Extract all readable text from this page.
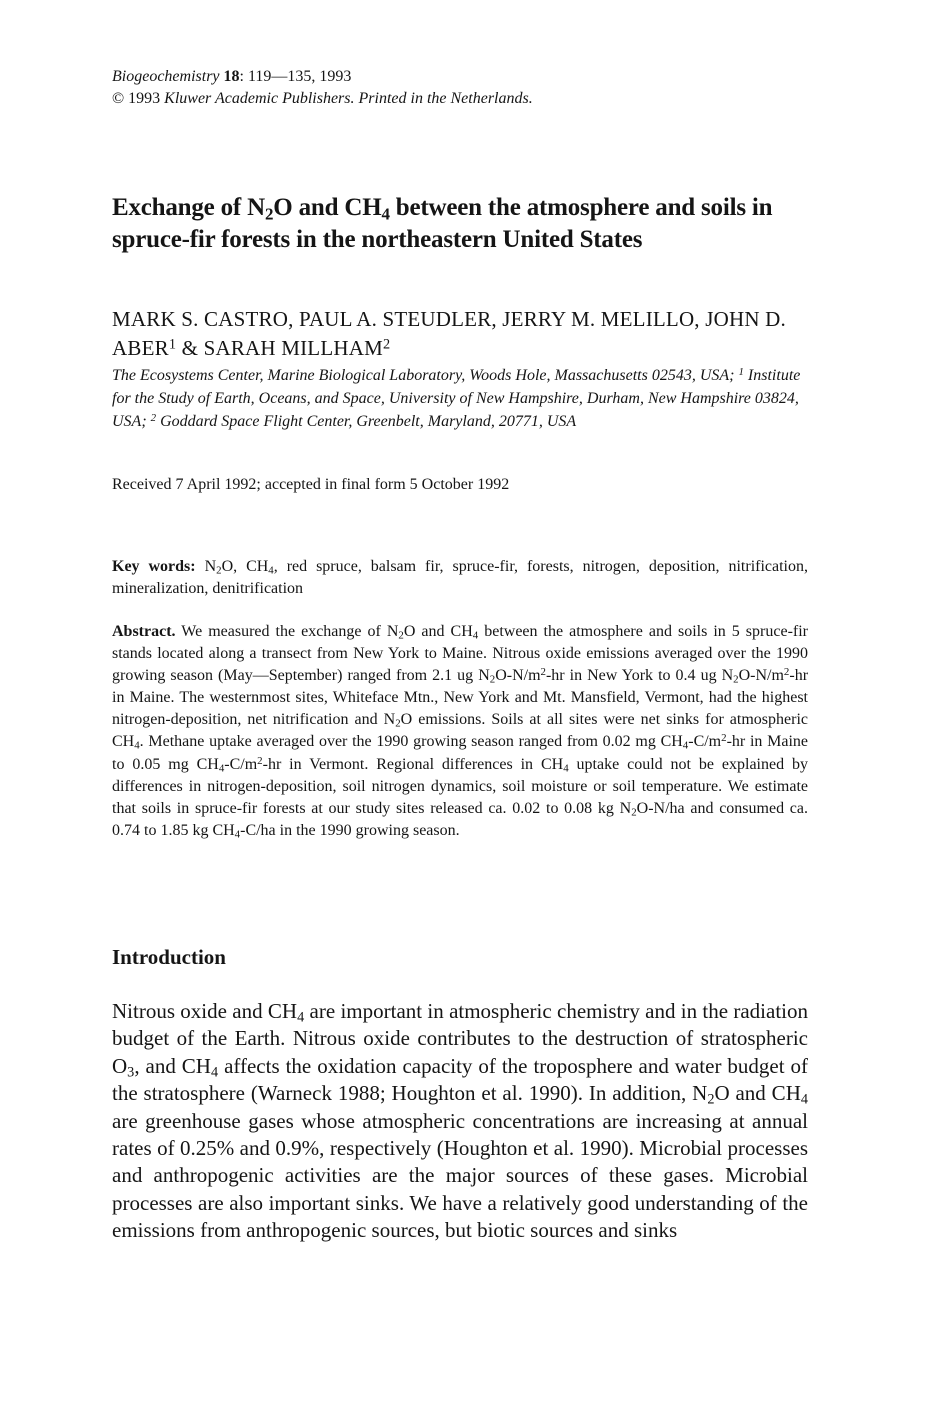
Biogeochemistry 18: 119—135, 1993
© 1993 Kluwer Academic Publishers. Printed in the Netherlands.
Exchange of $N_2O$ and $CH_4$ between the atmosphere and soils in spruce-fir forests in the northeastern United States
MARK S. CASTRO, PAUL A. STEUDLER, JERRY M. MELILLO, JOHN D. ABER$^1$ & SARAH MILLHAM$^2$
The Ecosystems Center, Marine Biological Laboratory, Woods Hole, Massachusetts 02543, USA; $^1$ Institute for the Study of Earth, Oceans, and Space, University of New Hampshire, Durham, New Hampshire 03824, USA; $^2$ Goddard Space Flight Center, Greenbelt, Maryland, 20771, USA
Received 7 April 1992; accepted in final form 5 October 1992
Key words: $N_2O$, $CH_4$, red spruce, balsam fir, spruce-fir, forests, nitrogen, deposition, nitrification, mineralization, denitrification
Abstract. We measured the exchange of $N_2O$ and $CH_4$ between the atmosphere and soils in 5 spruce-fir stands located along a transect from New York to Maine. Nitrous oxide emissions averaged over the 1990 growing season (May—September) ranged from 2.1 ug $N_2O-N/m^2-hr$ in New York to 0.4 ug $N_2O-N/m^2-hr$ in Maine. The westernmost sites, Whiteface Mtn., New York and Mt. Mansfield, Vermont, had the highest nitrogen-deposition, net nitrification and $N_2O$ emissions. Soils at all sites were net sinks for atmospheric $CH_4$. Methane uptake averaged over the 1990 growing season ranged from 0.02 mg $CH_4-C/m^2-hr$ in Maine to 0.05 mg $CH_4-C/m^2-hr$ in Vermont. Regional differences in $CH_4$ uptake could not be explained by differences in nitrogen-deposition, soil nitrogen dynamics, soil moisture or soil temperature. We estimate that soils in spruce-fir forests at our study sites released ca. 0.02 to 0.08 kg $N_2O-N/ha$ and consumed ca. 0.74 to 1.85 kg $CH_4-C/ha$ in the 1990 growing season.
Introduction

Nitrous oxide and $CH_4$ are important in atmospheric chemistry and in the radiation budget of the Earth. Nitrous oxide contributes to the destruction of stratospheric $O_3$, and $CH_4$ affects the oxidation capacity of the troposphere and water budget of the stratosphere (Warneck 1988; Houghton et al. 1990). In addition, $N_2O$ and $CH_4$ are greenhouse gases whose atmospheric concentrations are increasing at annual rates of 0.25% and 0.9%, respectively (Houghton et al. 1990). Microbial processes and anthropogenic activities are the major sources of these gases. Microbial processes are also important sinks. We have a relatively good understanding of the emissions from anthropogenic sources, but biotic sources and sinks
